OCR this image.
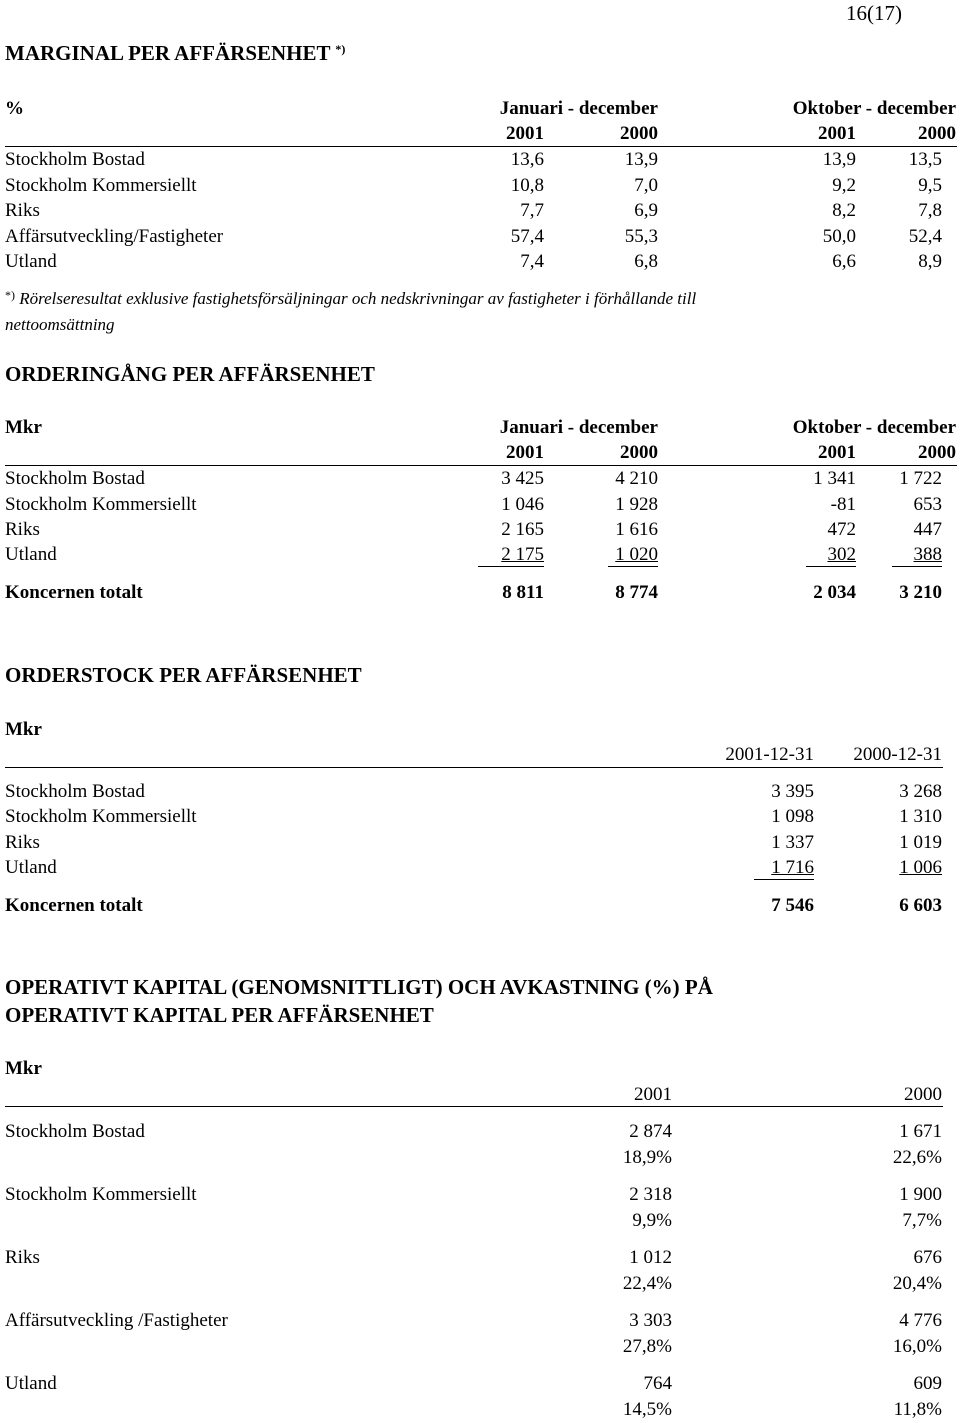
16(17)
MARGINAL PER AFFÄRSENHET *)
%	Januari - december	Oktober - december
2001	2000	2001	2000
Stockholm Bostad	13,6	13,9	13,9	13,5
Stockholm Kommersiellt	10,8	7,0	9,2	9,5
Riks	7,7	6,9	8,2	7,8
Affärsutveckling/Fastigheter	57,4	55,3	50,0	52,4
Utland	7,4	6,8	6,6	8,9
*) Rörelseresultat exklusive fastighetsförsäljningar och nedskrivningar av fastigheter i förhållande till
nettoomsättning
ORDERINGÅNG PER AFFÄRSENHET
Mkr	Januari - december	Oktober - december
2001	2000	2001	2000
Stockholm Bostad	3 425	4 210	1 341	1 722
Stockholm Kommersiellt	1 046	1 928	-81	653
Riks	2 165	1 616	472	447
Utland	2 175	1 020	302	388
Koncernen totalt	8 811	8 774	2 034	3 210
ORDERSTOCK PER AFFÄRSENHET
Mkr
2001-12-31	2000-12-31
Stockholm Bostad	3 395	3 268
Stockholm Kommersiellt	1 098	1 310
Riks	1 337	1 019
Utland	1 716	1 006
Koncernen totalt	7 546	6 603
OPERATIVT KAPITAL (GENOMSNITTLIGT) OCH AVKASTNING (%) PÅ
OPERATIVT KAPITAL PER AFFÄRSENHET
Mkr
2001	2000
Stockholm Bostad	2 874	1 671
18,9%	22,6%
Stockholm Kommersiellt	2 318	1 900
9,9%	7,7%
Riks	1 012	676
22,4%	20,4%
Affärsutveckling /Fastigheter	3 303	4 776
27,8%	16,0%
Utland	764	609
14,5%	11,8%
